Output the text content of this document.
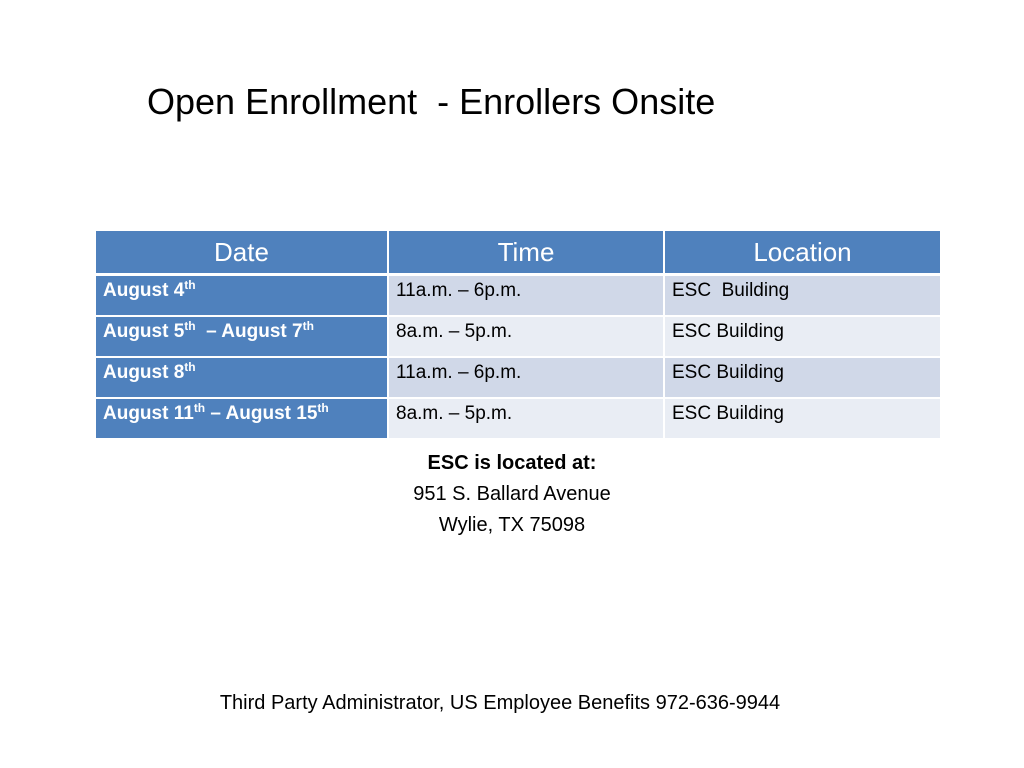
Open Enrollment  - Enrollers Onsite
Date	Time	Location
August 4th	11a.m. – 6p.m.	ESC  Building
August 5th  – August 7th	8a.m. – 5p.m.	ESC Building
August 8th	11a.m. – 6p.m.	ESC Building
August 11th – August 15th	8a.m. – 5p.m.	ESC Building
ESC is located at:
951 S. Ballard Avenue
Wylie, TX 75098
Third Party Administrator, US Employee Benefits 972-636-9944
